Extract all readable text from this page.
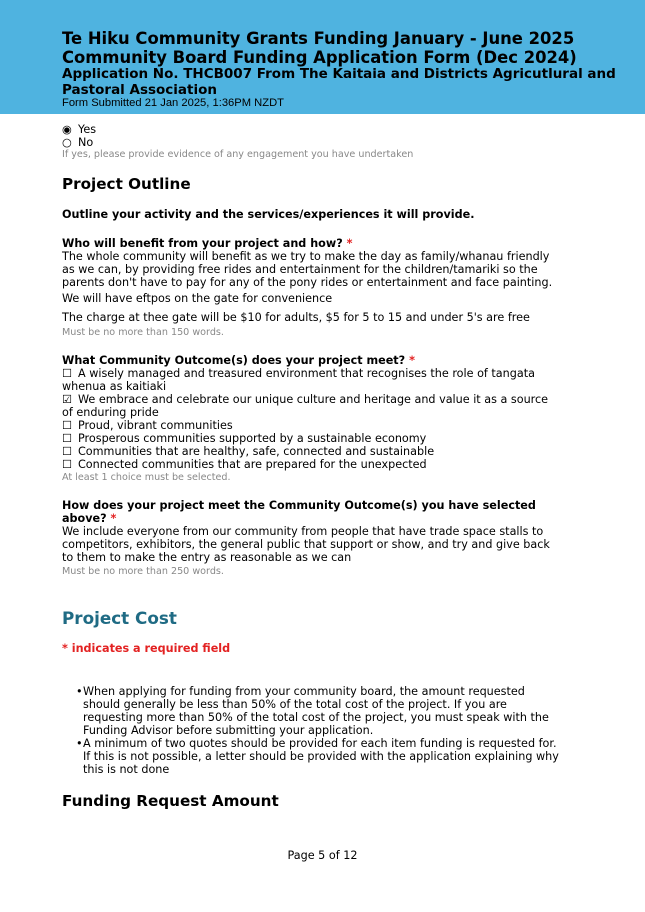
Te Hiku Community Grants Funding January - June 2025
Community Board Funding Application Form (Dec 2024)
Application No. THCB007 From The Kaitaia and Districts Agricutlural and Pastoral Association
Form Submitted 21 Jan 2025, 1:36PM NZDT
◉ Yes
○ No
If yes, please provide evidence of any engagement you have undertaken
Project Outline
Outline your activity and the services/experiences it will provide.
Who will benefit from your project and how? *
The whole community will benefit as we try to make the day as family/whanau friendly as we can, by providing free rides and entertainment for the children/tamariki so the parents don't have to pay for any of the pony rides or entertainment and face painting.
We will have eftpos on the gate for convenience
The charge at thee gate will be $10 for adults, $5 for 5 to 15 and under 5's are free
Must be no more than 150 words.
What Community Outcome(s) does your project meet? *
☐ A wisely managed and treasured environment that recognises the role of tangata whenua as kaitiaki
☑ We embrace and celebrate our unique culture and heritage and value it as a source of enduring pride
☐ Proud, vibrant communities
☐ Prosperous communities supported by a sustainable economy
☐ Communities that are healthy, safe, connected and sustainable
☐ Connected communities that are prepared for the unexpected
At least 1 choice must be selected.
How does your project meet the Community Outcome(s) you have selected above? *
We include everyone from our community from people that have trade space stalls to competitors, exhibitors, the general public that support or show, and try and give back to them to make the entry as reasonable as we can
Must be no more than 250 words.
Project Cost
* indicates a required field
• When applying for funding from your community board, the amount requested should generally be less than 50% of the total cost of the project. If you are requesting more than 50% of the total cost of the project, you must speak with the Funding Advisor before submitting your application.
• A minimum of two quotes should be provided for each item funding is requested for. If this is not possible, a letter should be provided with the application explaining why this is not done
Funding Request Amount
Page 5 of 12
